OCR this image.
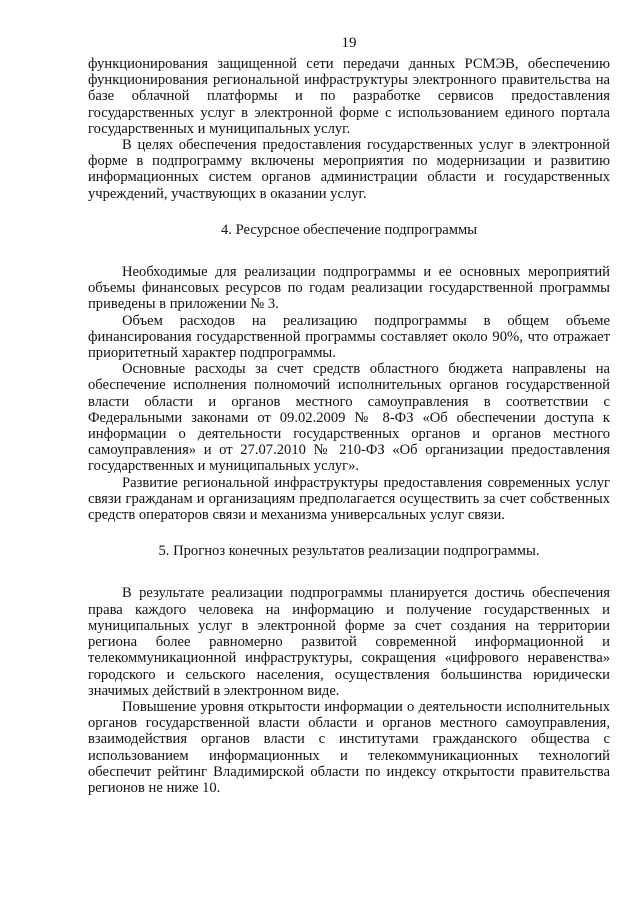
19

функционирования защищенной сети передачи данных РСМЭВ, обеспечению функционирования региональной инфраструктуры электронного правительства на базе облачной платформы и по разработке сервисов предоставления государственных услуг в электронной форме с использованием единого портала государственных и муниципальных услуг.

В целях обеспечения предоставления государственных услуг в электронной форме в подпрограмму включены мероприятия по модернизации и развитию информационных систем органов администрации области и государственных учреждений, участвующих в оказании услуг.

4. Ресурсное обеспечение подпрограммы

Необходимые для реализации подпрограммы и ее основных мероприятий объемы финансовых ресурсов по годам реализации государственной программы приведены в приложении № 3.

Объем расходов на реализацию подпрограммы в общем объеме финансирования государственной программы составляет около 90%, что отражает приоритетный характер подпрограммы.

Основные расходы за счет средств областного бюджета направлены на обеспечение исполнения полномочий исполнительных органов государственной власти области и органов местного самоуправления в соответствии с Федеральными законами от 09.02.2009 № 8-ФЗ «Об обеспечении доступа к информации о деятельности государственных органов и органов местного самоуправления» и от 27.07.2010 № 210-ФЗ «Об организации предоставления государственных и муниципальных услуг».

Развитие региональной инфраструктуры предоставления современных услуг связи гражданам и организациям предполагается осуществить за счет собственных средств операторов связи и механизма универсальных услуг связи.

5. Прогноз конечных результатов реализации подпрограммы.

В результате реализации подпрограммы планируется достичь обеспечения права каждого человека на информацию и получение государственных и муниципальных услуг в электронной форме за счет создания на территории региона более равномерно развитой современной информационной и телекоммуникационной инфраструктуры, сокращения «цифрового неравенства» городского и сельского населения, осуществления большинства юридически значимых действий в электронном виде.

Повышение уровня открытости информации о деятельности исполнительных органов государственной власти области и органов местного самоуправления, взаимодействия органов власти с институтами гражданского общества с использованием информационных и телекоммуникационных технологий обеспечит рейтинг Владимирской области по индексу открытости правительства регионов не ниже 10.
